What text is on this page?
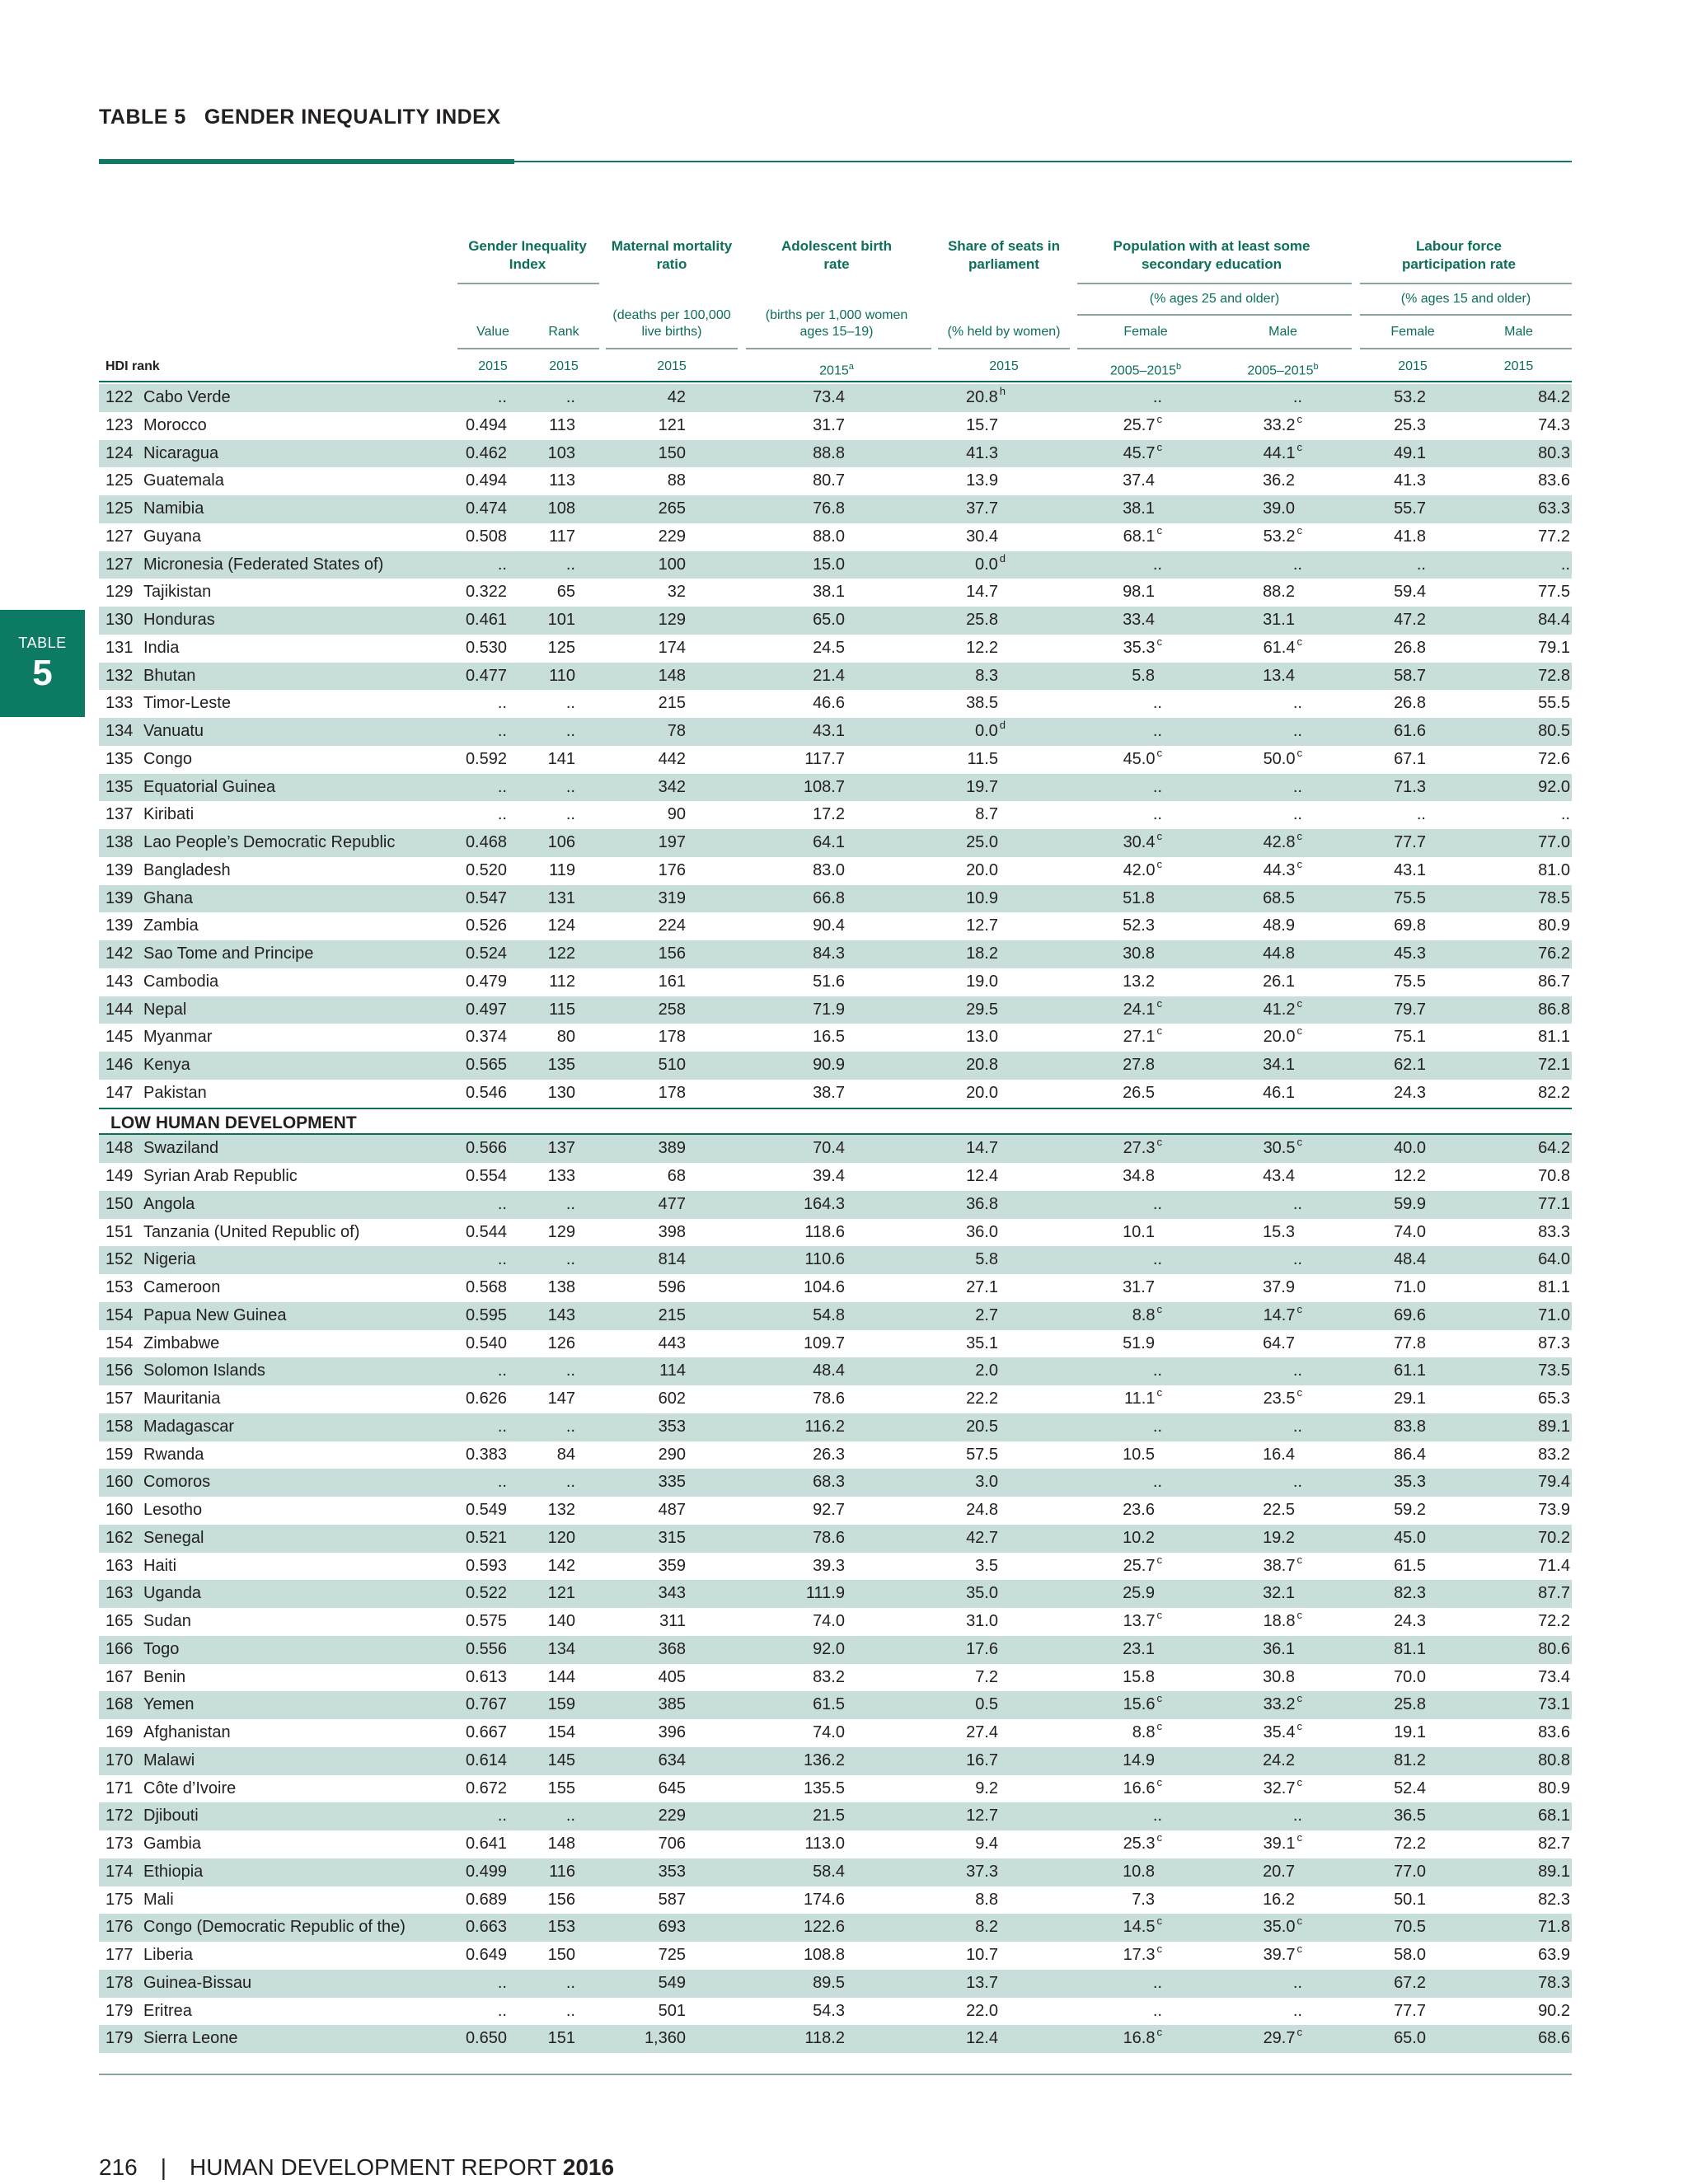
TABLE 5 GENDER INEQUALITY INDEX
TABLE
5
Gender Inequality Index
Maternal mortality ratio
Adolescent birth rate
Share of seats in parliament
Population with at least some secondary education
Labour force participation rate
(% ages 25 and older)	(% ages 15 and older)
(deaths per 100,000 live births)
(births per 1,000 women ages 15–19)	(% held by women)
Value	Rank	Female	Male	Female	Male
HDI rank	2015	2015	2015	2015$^a$	2015	2005–2015$^b$	2005–2015$^b$	2015	2015
122 Cabo Verde	..	..	42	73.4	20.8 $^h$	..	..	53.2	84.2
123 Morocco	0.494	113	121	31.7	15.7	25.7 $^c$	33.2 $^c$	25.3	74.3
124 Nicaragua	0.462 103	150	88.8	41.3	45.7 $^c$	44.1 $^c$	49.1	80.3
125 Guatemala	0.494	113	88	80.7	13.9	37.4	36.2	41.3	83.6
125 Namibia	0.474 108	265	76.8	37.7	38.1	39.0	55.7	63.3
127 Guyana	0.508	117	229	88.0	30.4	68.1 $^c$	53.2 $^c$	41.8	77.2
127 Micronesia (Federated States of)	..	..	100	15.0	0.0 $^d$	..	..	..	..
129 Tajikistan	0.322	65	32	38.1	14.7	98.1	88.2	59.4	77.5
130 Honduras	0.461 101	129	65.0	25.8	33.4	31.1	47.2	84.4
131 India	0.530 125	174	24.5	12.2	35.3 $^c$	61.4 $^c$	26.8	79.1
132 Bhutan	0.477	110	148	21.4	8.3	5.8	13.4	58.7	72.8
133 Timor-Leste	..	..	215	46.6	38.5	..	..	26.8	55.5
134 Vanuatu	..	..	78	43.1	0.0 $^d$	..	..	61.6	80.5
135 Congo	0.592 141	442	117.7	11.5	45.0 $^c$	50.0 $^c$	67.1	72.6
135 Equatorial Guinea	..	..	342	108.7	19.7	..	..	71.3	92.0
137 Kiribati	..	..	90	17.2	8.7	..	..	..	..
138 Lao People’s Democratic Republic	0.468 106	197	64.1	25.0	30.4 $^c$	42.8 $^c$	77.7	77.0
139 Bangladesh	0.520	119	176	83.0	20.0	42.0 $^c$	44.3 $^c$	43.1	81.0
139 Ghana	0.547 131	319	66.8	10.9	51.8	68.5	75.5	78.5
139 Zambia	0.526 124	224	90.4	12.7	52.3	48.9	69.8	80.9
142 Sao Tome and Principe	0.524 122	156	84.3	18.2	30.8	44.8	45.3	76.2
143 Cambodia	0.479	112	161	51.6	19.0	13.2	26.1	75.5	86.7
144 Nepal	0.497	115	258	71.9	29.5	24.1 $^c$	41.2 $^c$	79.7	86.8
145 Myanmar	0.374	80	178	16.5	13.0	27.1 $^c$	20.0 $^c$	75.1	81.1
146 Kenya	0.565 135	510	90.9	20.8	27.8	34.1	62.1	72.1
147 Pakistan	0.546 130	178	38.7	20.0	26.5	46.1	24.3	82.2
LOW HUMAN DEVELOPMENT
148 Swaziland	0.566 137	389	70.4	14.7	27.3 $^c$	30.5 $^c$	40.0	64.2
149 Syrian Arab Republic	0.554 133	68	39.4	12.4	34.8	43.4	12.2	70.8
150 Angola	..	..	477	164.3	36.8	..	..	59.9	77.1
151 Tanzania (United Republic of)	0.544 129	398	118.6	36.0	10.1	15.3	74.0	83.3
152 Nigeria	..	..	814	110.6	5.8	..	..	48.4	64.0
153 Cameroon	0.568 138	596	104.6	27.1	31.7	37.9	71.0	81.1
154 Papua New Guinea	0.595 143	215	54.8	2.7	8.8 $^c$	14.7 $^c$	69.6	71.0
154 Zimbabwe	0.540 126	443	109.7	35.1	51.9	64.7	77.8	87.3
156 Solomon Islands	..	..	114	48.4	2.0	..	..	61.1	73.5
157 Mauritania	0.626 147	602	78.6	22.2	11.1 $^c$	23.5 $^c$	29.1	65.3
158 Madagascar	..	..	353	116.2	20.5	..	..	83.8	89.1
159 Rwanda	0.383	84	290	26.3	57.5	10.5	16.4	86.4	83.2
160 Comoros	..	..	335	68.3	3.0	..	..	35.3	79.4
160 Lesotho	0.549 132	487	92.7	24.8	23.6	22.5	59.2	73.9
162 Senegal	0.521 120	315	78.6	42.7	10.2	19.2	45.0	70.2
163 Haiti	0.593 142	359	39.3	3.5	25.7 $^c$	38.7 $^c$	61.5	71.4
163 Uganda	0.522 121	343	111.9	35.0	25.9	32.1	82.3	87.7
165 Sudan	0.575 140	311	74.0	31.0	13.7 $^c$	18.8 $^c$	24.3	72.2
166 Togo	0.556 134	368	92.0	17.6	23.1	36.1	81.1	80.6
167 Benin	0.613 144	405	83.2	7.2	15.8	30.8	70.0	73.4
168 Yemen	0.767 159	385	61.5	0.5	15.6 $^c$	33.2 $^c$	25.8	73.1
169 Afghanistan	0.667 154	396	74.0	27.4	8.8 $^c$	35.4 $^c$	19.1	83.6
170 Malawi	0.614 145	634	136.2	16.7	14.9	24.2	81.2	80.8
171 Côte d’Ivoire	0.672 155	645	135.5	9.2	16.6 $^c$	32.7 $^c$	52.4	80.9
172 Djibouti	..	..	229	21.5	12.7	..	..	36.5	68.1
173 Gambia	0.641 148	706	113.0	9.4	25.3 $^c$	39.1 $^c$	72.2	82.7
174 Ethiopia	0.499	116	353	58.4	37.3	10.8	20.7	77.0	89.1
175 Mali	0.689 156	587	174.6	8.8	7.3	16.2	50.1	82.3
176 Congo (Democratic Republic of the)	0.663 153	693	122.6	8.2	14.5 $^c$	35.0 $^c$	70.5	71.8
177 Liberia	0.649 150	725	108.8	10.7	17.3 $^c$	39.7 $^c$	58.0	63.9
178 Guinea-Bissau	..	..	549	89.5	13.7	..	..	67.2	78.3
179 Eritrea	..	..	501	54.3	22.0	..	..	77.7	90.2
179 Sierra Leone	0.650 151	1,360	118.2	12.4	16.8 $^c$	29.7 $^c$	65.0	68.6
216 | HUMAN DEVELOPMENT REPORT 2016
